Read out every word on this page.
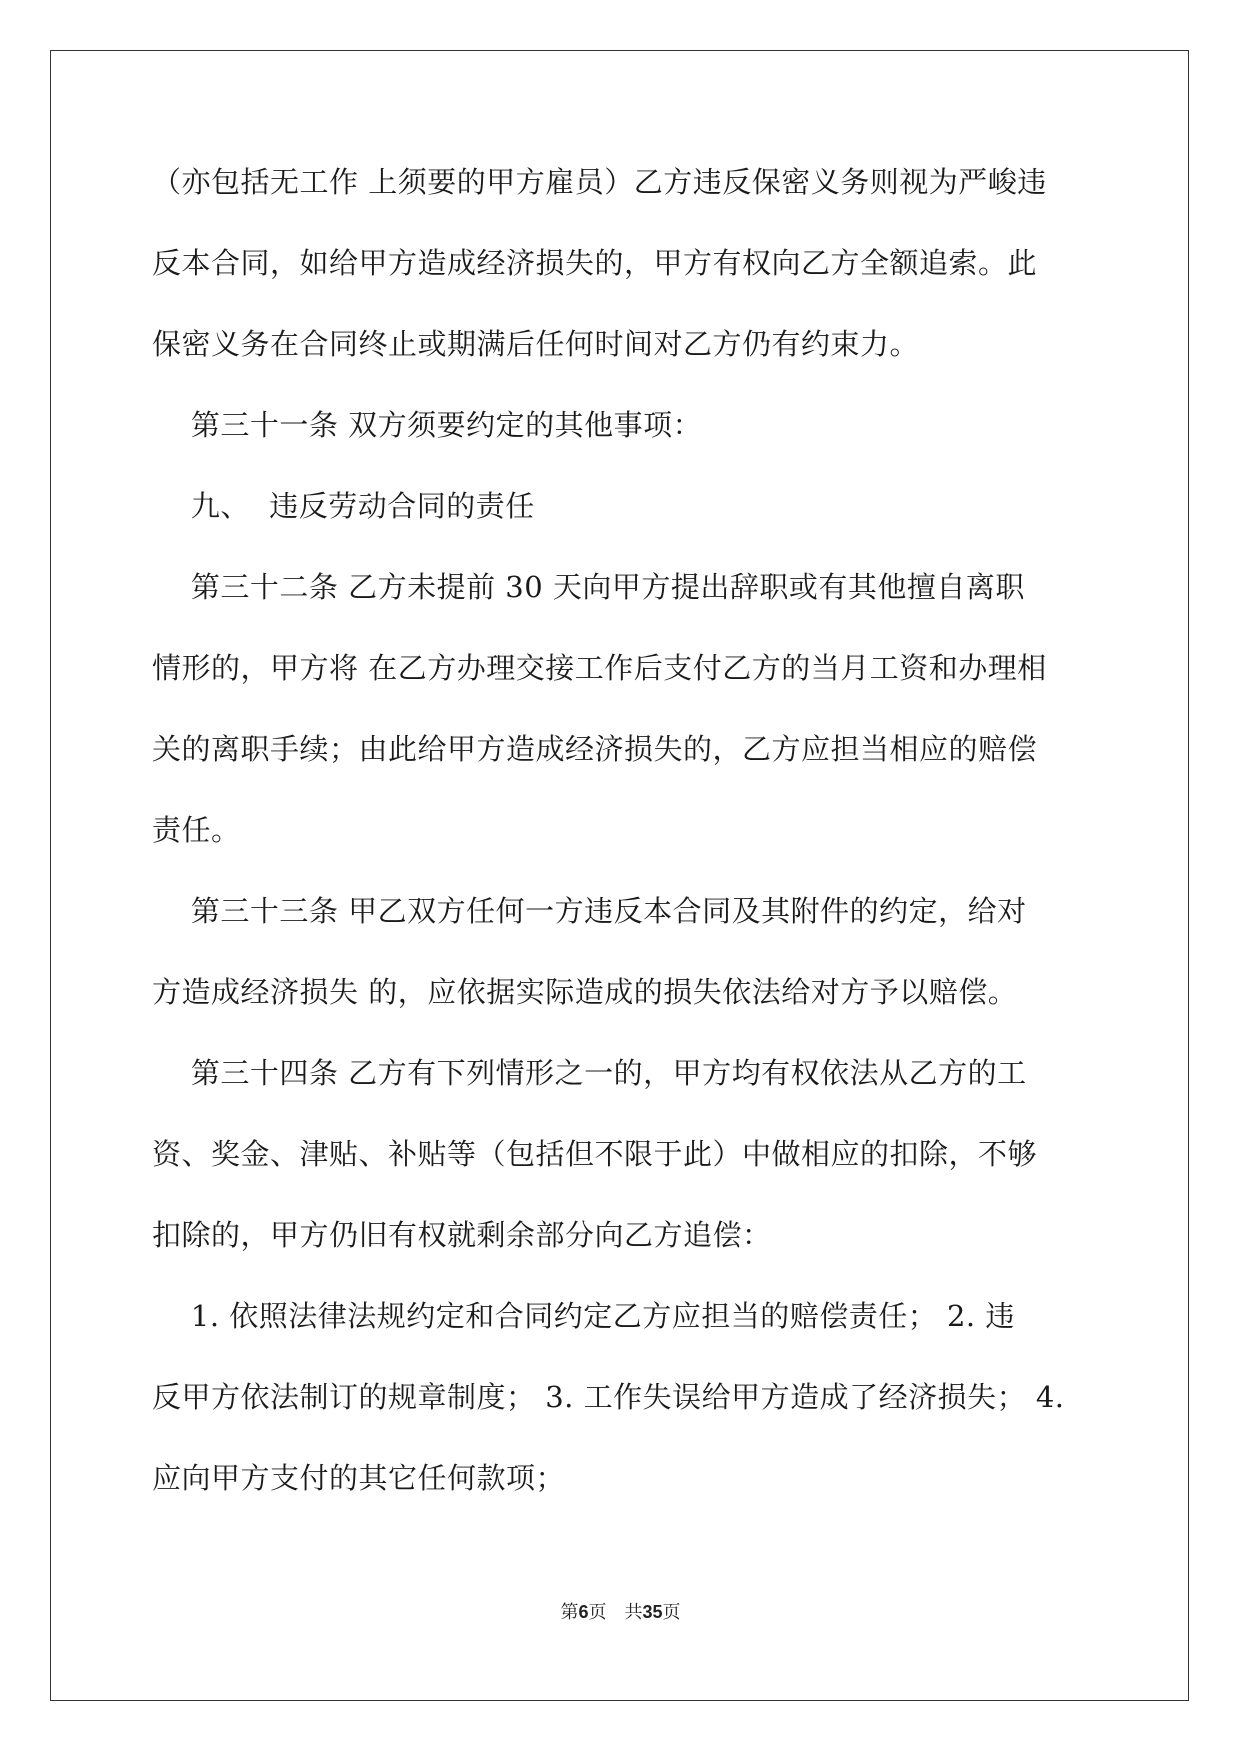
（亦包括无工作 上须要的甲方雇员）乙方违反保密义务则视为严峻违
反本合同，如给甲方造成经济损失的，甲方有权向乙方全额追索。此
保密义务在合同终止或期满后任何时间对乙方仍有约束力。
第三十一条 双方须要约定的其他事项：
九、  违反劳动合同的责任
第三十二条 乙方未提前 30 天向甲方提出辞职或有其他擅自离职
情形的，甲方将 在乙方办理交接工作后支付乙方的当月工资和办理相
关的离职手续；由此给甲方造成经济损失的，乙方应担当相应的赔偿
责任。
第三十三条 甲乙双方任何一方违反本合同及其附件的约定，给对
方造成经济损失 的，应依据实际造成的损失依法给对方予以赔偿。
第三十四条 乙方有下列情形之一的，甲方均有权依法从乙方的工
资、奖金、津贴、补贴等（包括但不限于此）中做相应的扣除，不够
扣除的，甲方仍旧有权就剩余部分向乙方追偿：
1. 依照法律法规约定和合同约定乙方应担当的赔偿责任； 2. 违
反甲方依法制订的规章制度； 3. 工作失误给甲方造成了经济损失； 4.
应向甲方支付的其它任何款项；
第6页 共35页
